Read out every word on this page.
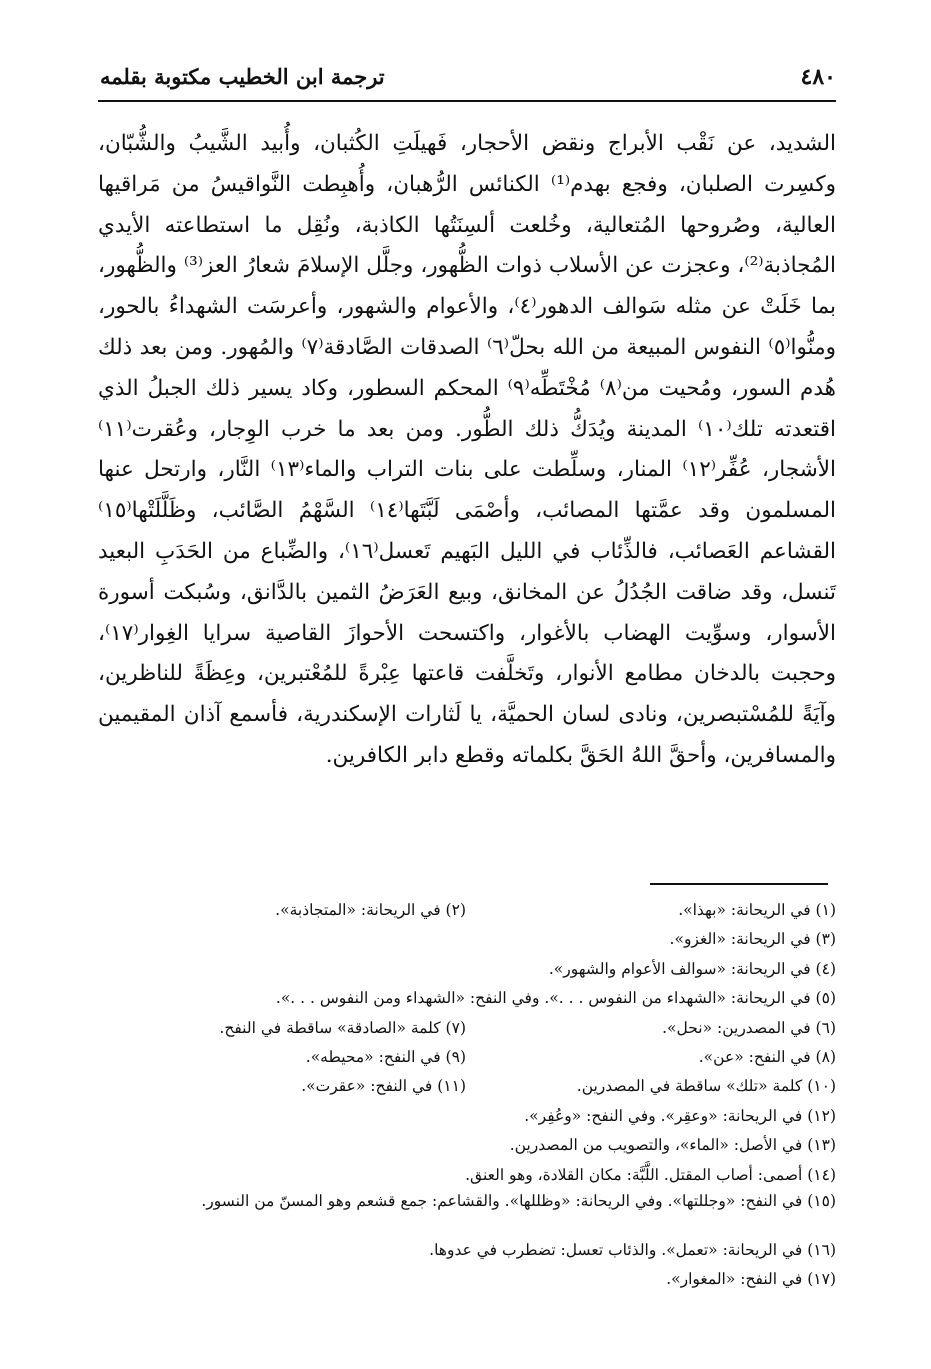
٤٨٠

ترجمة ابن الخطيب مكتوبة بقلمه

الشديد، عن نَقْب الأبراج ونقض الأحجار، فَهيلَتِ الكُثبان، وأُبيد الشَّيبُ والشُّبّان، وكسِرت الصلبان، وفجع بهدم⁽¹⁾ الكنائس الرُّهبان، وأُهبِطت النَّواقيسُ من مَراقيها العالية، وصُروحها المُتعالية، وخُلعت ألسِنَتُها الكاذبة، ونُقِل ما استطاعته الأيدي المُجاذبة⁽²⁾، وعجزت عن الأسلاب ذوات الظُّهور، وجلَّل الإسلامَ شعارُ العز⁽³⁾ والظُّهور، بما خَلَتْ عن مثله سَوالف الدهور⁽٤⁾، والأعوام والشهور، وأعرسَت الشهداءُ بالحور، ومنُّوا⁽٥⁾ النفوس المبيعة من الله بحلّ⁽٦⁾ الصدقات الصَّادقة⁽٧⁾ والمُهور. ومن بعد ذلك هُدم السور، ومُحيت من⁽٨⁾ مُخْتَطِّه⁽٩⁾ المحكم السطور، وكاد يسير ذلك الجبلُ الذي اقتعدته تلك⁽١٠⁾ المدينة ويُدَكُّ ذلك الطُّور. ومن بعد ما خرب الوِجار، وعُقرت⁽١١⁾ الأشجار، عُفِّر⁽١٢⁾ المنار، وسلِّطت على بنات التراب والماء⁽١٣⁾ النَّار، وارتحل عنها المسلمون وقد عمَّتها المصائب، وأصْمَى لَبَّتَها⁽١٤⁾ السَّهْمُ الصَّائب، وظَلَّلَتْها⁽١٥⁾ القشاعم العَصائب، فالذِّئاب في الليل البَهيم تَعسل⁽١٦⁾، والضِّباع من الحَدَبِ البعيد تَنسل، وقد ضاقت الجُدُلُ عن المخانق، وبيع العَرَضُ الثمين بالدَّانق، وسُبكت أسورة الأسوار، وسوِّيت الهضاب بالأغوار، واكتسحت الأحوازَ القاصية سرايا الغِوار⁽١٧⁾، وحجبت بالدخان مطامع الأنوار، وتَخلَّفت قاعتها عِبْرةً للمُعْتبرين، وعِظَةً للناظرين، وآيَةً للمُسْتبصرين، ونادى لسان الحميَّة، يا لَثارات الإسكندرية، فأسمع آذان المقيمين والمسافرين، وأحقَّ اللهُ الحَقَّ بكلماته وقطع دابر الكافرين.

(١) في الريحانة: «بهذا».
(٢) في الريحانة: «المتجاذبة».
(٣) في الريحانة: «الغزو».
(٤) في الريحانة: «سوالف الأعوام والشهور».
(٥) في الريحانة: «الشهداء من النفوس . . .». وفي النفح: «الشهداء ومن النفوس . . .».
(٦) في المصدرين: «نحل».
(٧) كلمة «الصادقة» ساقطة في النفح.
(٨) في النفح: «عن».
(٩) في النفح: «محيطه».
(١٠) كلمة «تلك» ساقطة في المصدرين.
(١١) في النفح: «عقرت».
(١٢) في الريحانة: «وعقِر». وفي النفح: «وعُفِر».
(١٣) في الأصل: «الماء»، والتصويب من المصدرين.
(١٤) أصمى: أصاب المقتل. اللَّبَّة: مكان القلادة، وهو العنق.
(١٥) في النفح: «وجللتها». وفي الريحانة: «وظللها». والقشاعم: جمع قشعم وهو المسنّ من النسور.
(١٦) في الريحانة: «تعمل». والذئاب تعسل: تضطرب في عدوها.
(١٧) في النفح: «المغوار».
